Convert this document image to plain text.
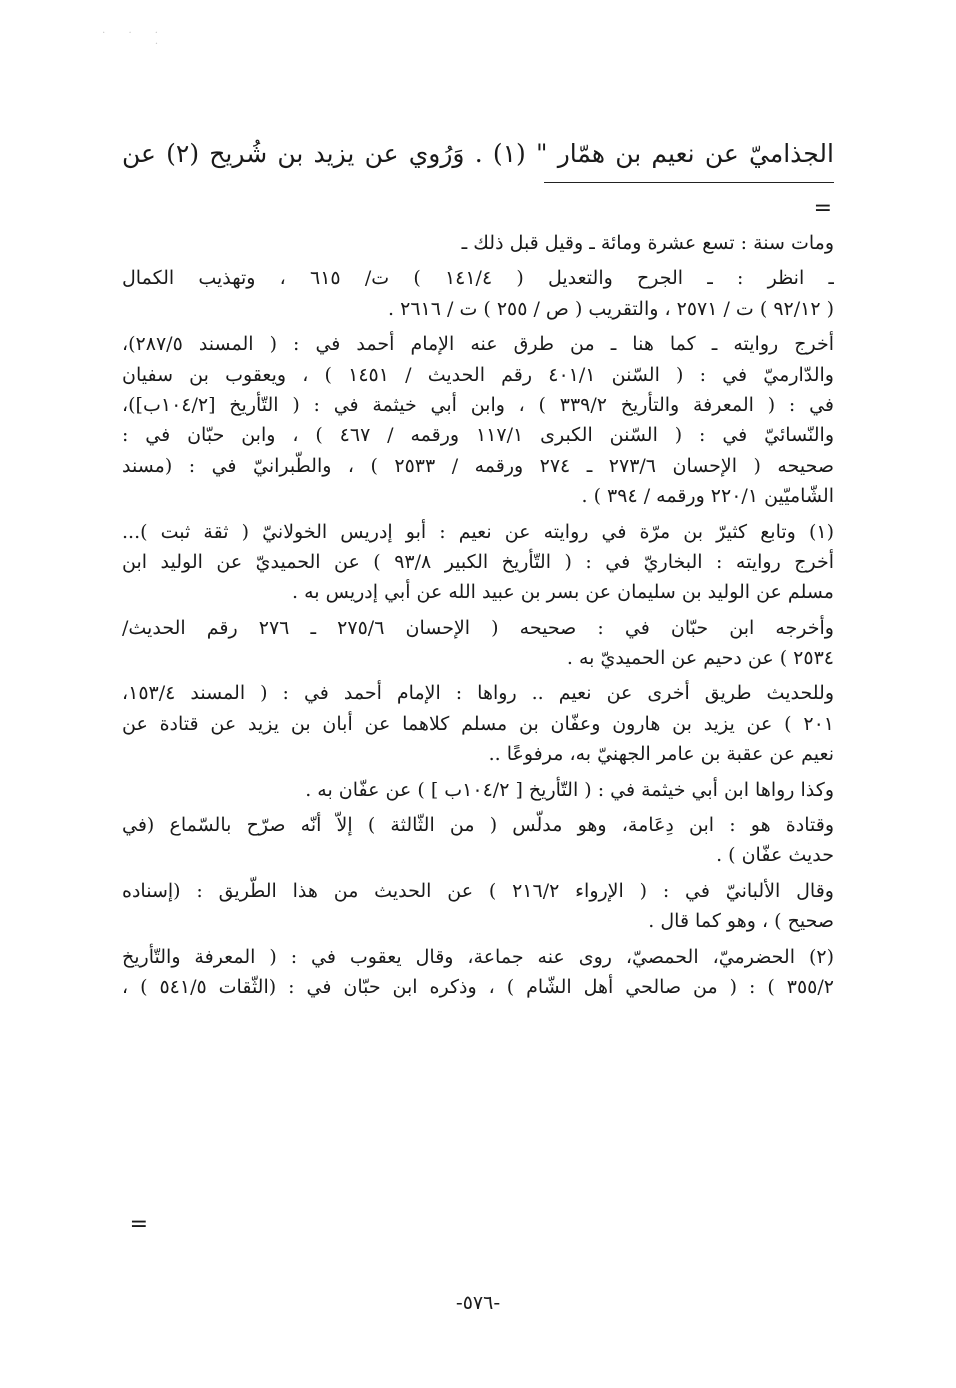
· · · ·
الجذاميّ عن نعيم بن همّار " (١) . وَرُوي عن يزيد بن شُريح (٢) عن
=
ومات سنة : تسع عشرة ومائة ـ وقيل قبل ذلك ـ
ـ انظر : ـ الجرح والتعديل ( ١٤١/٤ ) ت/ ٦١٥ ، وتهذيب الكمال
( ٩٢/١٢ ) ت / ٢٥٧١ ، والتقريب ( ص / ٢٥٥ ) ت / ٢٦١٦ .
أخرج روايته ـ كما هنا ـ من طرق عنه الإمام أحمد في : ( المسند ٢٨٧/٥)،
والدّارميّ في : ( السّنن ٤٠١/١ رقم الحديث / ١٤٥١ ) ، ويعقوب بن سفيان
في : ( المعرفة والتأريخ ٣٣٩/٢ ) ، وابن أبي خيثمة في : ( التّأريخ [١٠٤/٢ب])،
والنّسائيّ في : ( السّنن الكبرى ١١٧/١ ورقمه / ٤٦٧ ) ، وابن حبّان في :
صحيحه ( الإحسان ٢٧٣/٦ ـ ٢٧٤ ورقمه / ٢٥٣٣ ) ، والطّبرانيّ في : (مسند
الشّاميّين ٢٢٠/١ ورقمه / ٣٩٤ ) .
(١) وتابع كثيرّ بن مرّة في روايته عن نعيم : أبو إدريس الخولانيّ ( ثقة ثبت )...
أخرج روايته : البخاريّ في : ( التّأريخ الكبير ٩٣/٨ ) عن الحميديّ عن الوليد ابن
مسلم عن الوليد بن سليمان عن بسر بن عبيد الله عن أبي إدريس به .
وأخرجه ابن حبّان في : صحيحه ( الإحسان ٢٧٥/٦ ـ ٢٧٦ رقم الحديث/
٢٥٣٤ ) عن دحيم عن الحميديّ به .
وللحديث طريق أخرى عن نعيم .. رواها : الإمام أحمد في : ( المسند ١٥٣/٤،
٢٠١ ) عن يزيد بن هارون وعفّان بن مسلم كلاهما عن أبان بن يزيد عن قتادة عن
نعيم عن عقبة بن عامر الجهنيّ به، مرفوعًا ..
وكذا رواها ابن أبي خيثمة في : ( التّأريخ [ ١٠٤/٢ب ] ) عن عفّان به .
وقتادة هو : ابن دِعَامة، وهو مدلّس ( من الثّالثة ) إلاّ أنّه صرّح بالسّماع (في
حديث عفّان ) .
وقال الألبانيّ في : ( الإرواء ٢١٦/٢ ) عن الحديث من هذا الطّريق : (إسناده
صحيح ) ، وهو كما قال .
(٢) الحضرميّ، الحمصيّ، روى عنه جماعة، وقال يعقوب في : ( المعرفة والتّأريخ
٣٥٥/٢ ) : ( من صالحي أهل الشّام ) ، وذكره ابن حبّان في : (الثّقات ٥٤١/٥ ) ،
=
-٥٧٦-
